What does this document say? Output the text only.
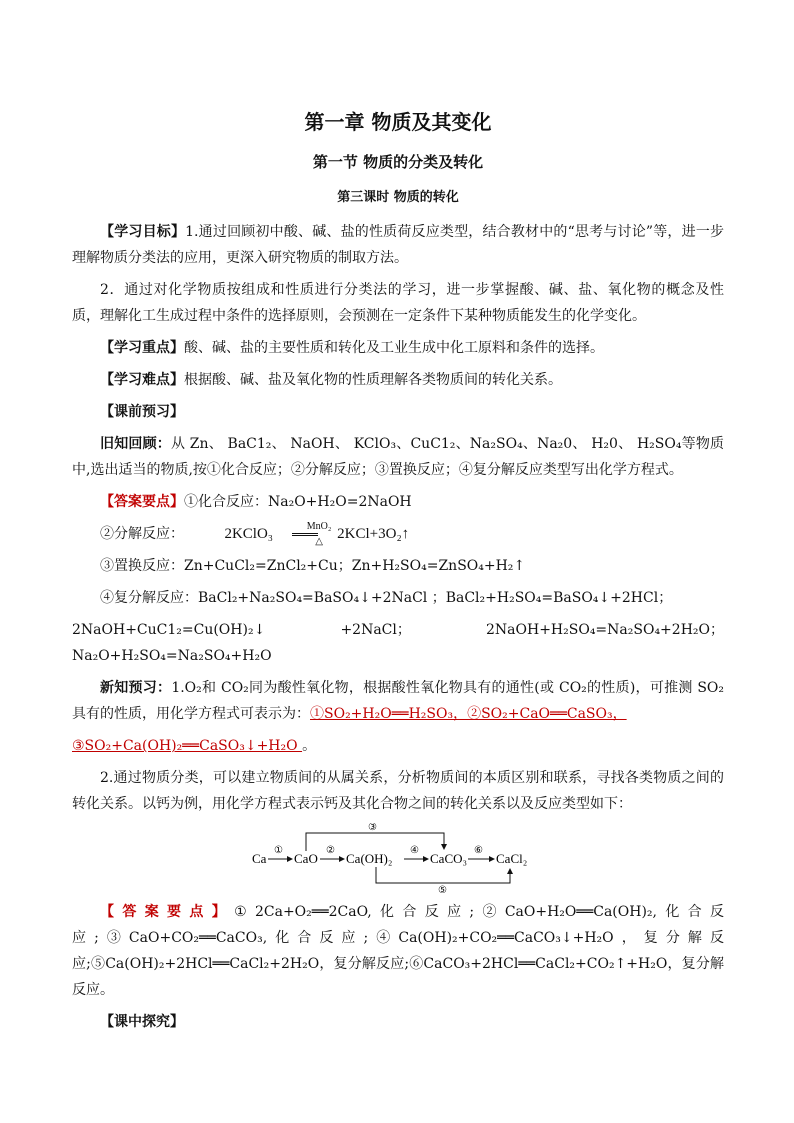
第一章 物质及其变化
第一节 物质的分类及转化
第三课时 物质的转化

【学习目标】1.通过回顾初中酸、碱、盐的性质荷反应类型，结合教材中的“思考与讨论”等，进一步理解物质分类法的应用，更深入研究物质的制取方法。

2．通过对化学物质按组成和性质进行分类法的学习，进一步掌握酸、碱、盐、氧化物的概念及性质，理解化工生成过程中条件的选择原则，会预测在一定条件下某种物质能发生的化学变化。

【学习重点】酸、碱、盐的主要性质和转化及工业生成中化工原料和条件的选择。

【学习难点】根据酸、碱、盐及氧化物的性质理解各类物质间的转化关系。

【课前预习】

旧知回顾：从 Zn、 BaC1₂、 NaOH、 KClO₃、CuC1₂、Na₂SO₄、Na₂0、 H₂0、 H₂SO₄等物质中,选出适当的物质,按①化合反应；②分解反应；③置换反应；④复分解反应类型写出化学方程式。

【答案要点】①化合反应：Na₂O+H₂O=2NaOH

②分解反应：	2KClO₃	MnO₂
△ 2KCl+3O₂↑

③置换反应：Zn+CuCl₂=ZnCl₂+Cu；Zn+H₂SO₄=ZnSO₄+H₂↑

④复分解反应：BaCl₂+Na₂SO₄=BaSO₄↓+2NaCl ；BaCl₂+H₂SO₄=BaSO₄↓+2HCl；

2NaOH+CuC1₂=Cu(OH)₂↓ +2NaCl； 2NaOH+H₂SO₄=Na₂SO₄+2H₂O；Na₂O+H₂SO₄=Na₂SO₄+H₂O

新知预习：1.O₂和 CO₂同为酸性氧化物，根据酸性氧化物具有的通性(或 CO₂的性质)，可推测 SO₂具有的性质，用化学方程式可表示为：①SO₂+H₂O══H₂SO₃，②SO₂+CaO══CaSO₃，

③SO₂+Ca(OH)₂══CaSO₃↓+H₂O 。

2.通过物质分类，可以建立物质间的从属关系，分析物质间的本质区别和联系，寻找各类物质之间的转化关系。以钙为例，用化学方程式表示钙及其化合物之间的转化关系以及反应类型如下：

Ca CaO Ca(OH)₂	CaCO₃ CaCl₂
①	②
③
④
⑤
⑥

【答案要点】①2Ca+O₂══2CaO,化合反应;②CaO+H₂O══Ca(OH)₂,化合反应;③CaO+CO₂══CaCO₃,化合反应;④Ca(OH)₂+CO₂══CaCO₃↓+H₂O，复分解反应;⑤Ca(OH)₂+2HCl══CaCl₂+2H₂O，复分解反应;⑥CaCO₃+2HCl══CaCl₂+CO₂↑+H₂O，复分解反应。

【课中探究】
